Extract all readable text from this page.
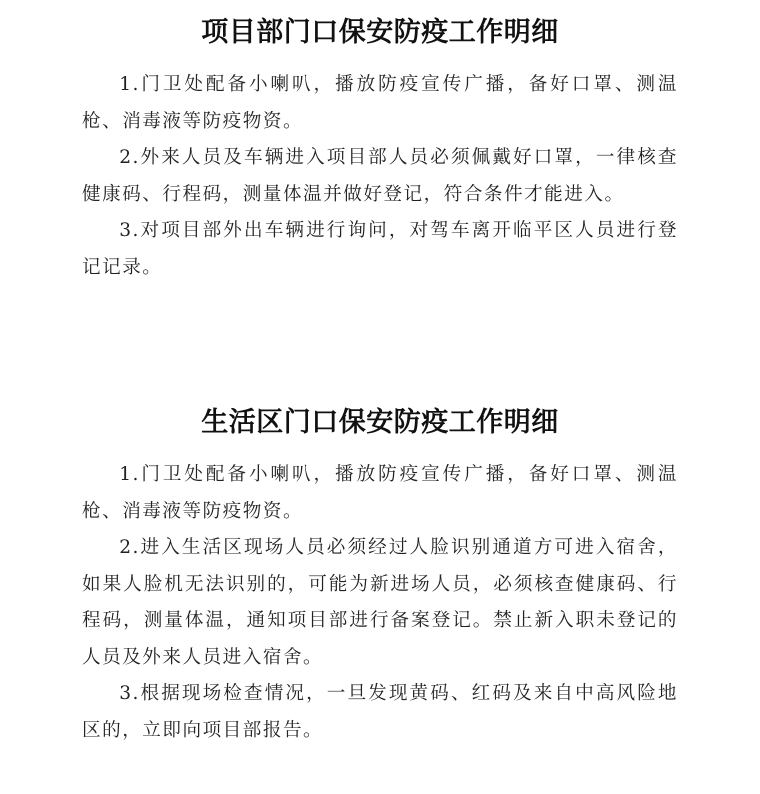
项目部门口保安防疫工作明细

1.门卫处配备小喇叭，播放防疫宣传广播，备好口罩、测温枪、消毒液等防疫物资。

2.外来人员及车辆进入项目部人员必须佩戴好口罩，一律核查健康码、行程码，测量体温并做好登记，符合条件才能进入。

3.对项目部外出车辆进行询问，对驾车离开临平区人员进行登记记录。

生活区门口保安防疫工作明细

1.门卫处配备小喇叭，播放防疫宣传广播，备好口罩、测温枪、消毒液等防疫物资。

2.进入生活区现场人员必须经过人脸识别通道方可进入宿舍，如果人脸机无法识别的，可能为新进场人员，必须核查健康码、行程码，测量体温，通知项目部进行备案登记。禁止新入职未登记的人员及外来人员进入宿舍。

3.根据现场检查情况，一旦发现黄码、红码及来自中高风险地区的，立即向项目部报告。
